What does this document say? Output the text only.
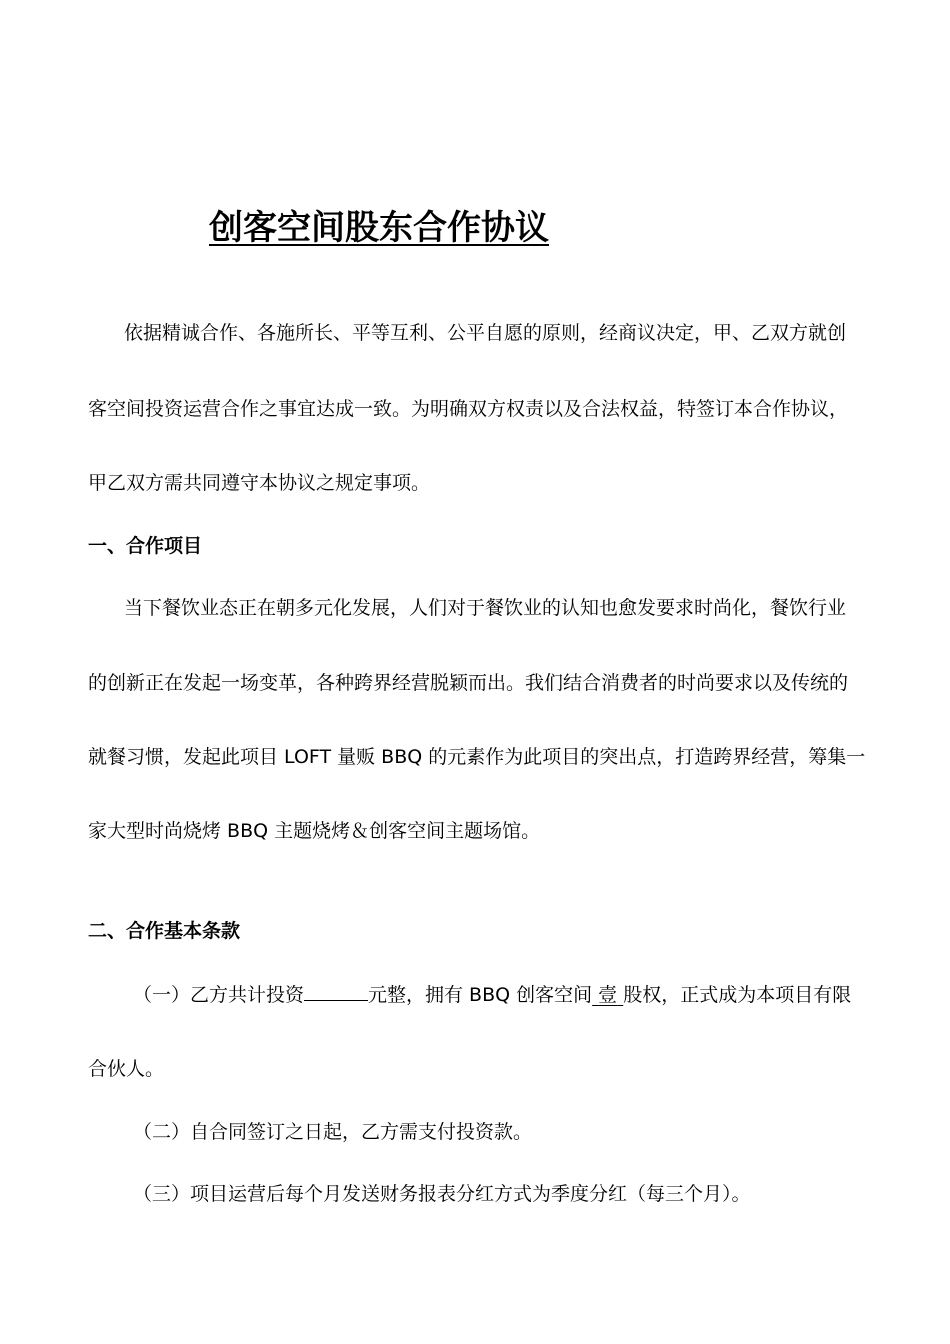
创客空间股东合作协议
依据精诚合作、各施所长、平等互利、公平自愿的原则，经商议决定，甲、乙双方就创
客空间投资运营合作之事宜达成一致。为明确双方权责以及合法权益，特签订本合作协议，
甲乙双方需共同遵守本协议之规定事项。
一、合作项目
当下餐饮业态正在朝多元化发展，人们对于餐饮业的认知也愈发要求时尚化，餐饮行业
的创新正在发起一场变革，各种跨界经营脱颖而出。我们结合消费者的时尚要求以及传统的
就餐习惯，发起此项目 LOFT 量贩 BBQ 的元素作为此项目的突出点，打造跨界经营，筹集一
家大型时尚烧烤 BBQ 主题烧烤＆创客空间主题场馆。
二、合作基本条款
（一）乙方共计投资	元整，拥有 BBQ 创客空间 壹 股权，正式成为本项目有限
合伙人。
（二）自合同签订之日起，乙方需支付投资款。
（三）项目运营后每个月发送财务报表分红方式为季度分红（每三个月）。
